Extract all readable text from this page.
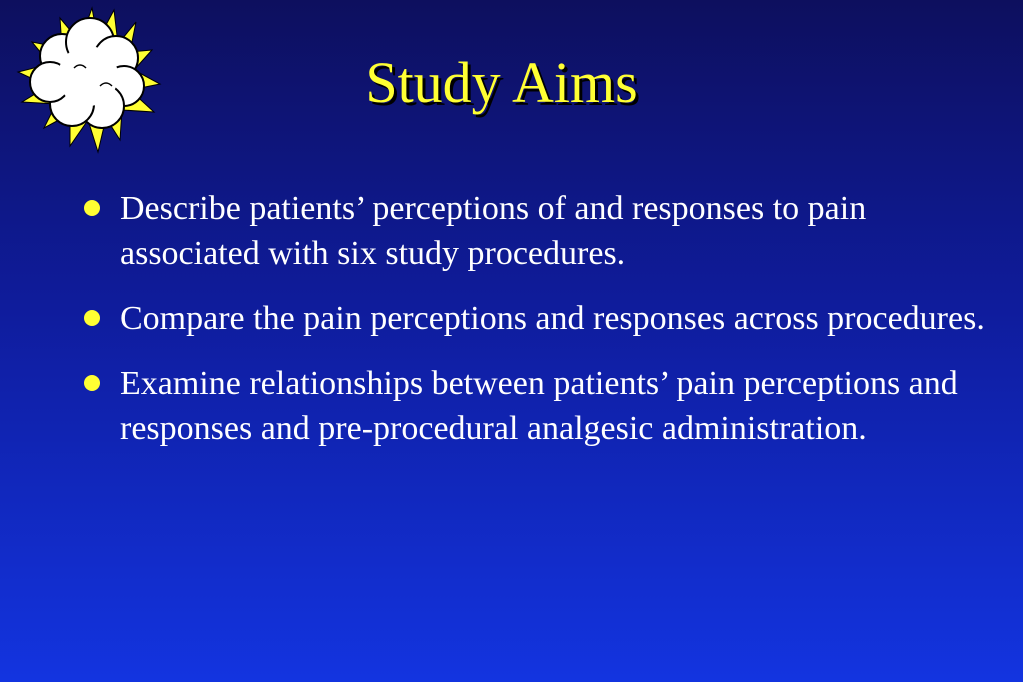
Study Aims
Describe patients’ perceptions of and responses to pain associated with six study procedures.
Compare the pain perceptions and responses across procedures.
Examine relationships between patients’ pain perceptions and responses and pre-procedural analgesic administration.
